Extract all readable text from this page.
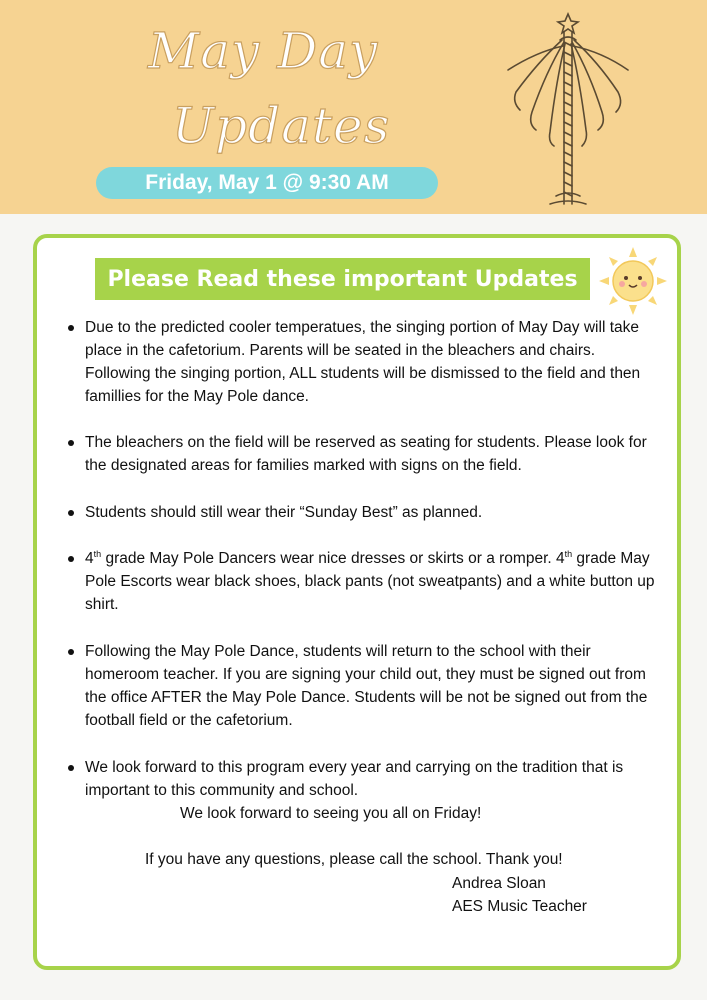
May Day
Updates
Friday, May 1 @ 9:30 AM
Please Read these important Updates
Due to the predicted cooler temperatues, the singing portion of May Day will take place in the cafetorium. Parents will be seated in the bleachers and chairs. Following the singing portion, ALL students will be dismissed to the field and then famillies for the May Pole dance.
The bleachers on the field will be reserved as seating for students. Please look for the designated areas for families marked with signs on the field.
Students should still wear their “Sunday Best” as planned.
4th grade May Pole Dancers wear nice dresses or skirts or a romper. 4th grade May Pole Escorts wear black shoes, black pants (not sweatpants) and a white button up shirt.
Following the May Pole Dance, students will return to the school with their homeroom teacher. If you are signing your child out, they must be signed out from the office AFTER the May Pole Dance. Students will be not be signed out from the football field or the cafetorium.
We look forward to this program every year and carrying on the tradition that is important to this community and school.
We look forward to seeing you all on Friday!
If you have any questions, please call the school. Thank you!
Andrea Sloan
AES Music Teacher
